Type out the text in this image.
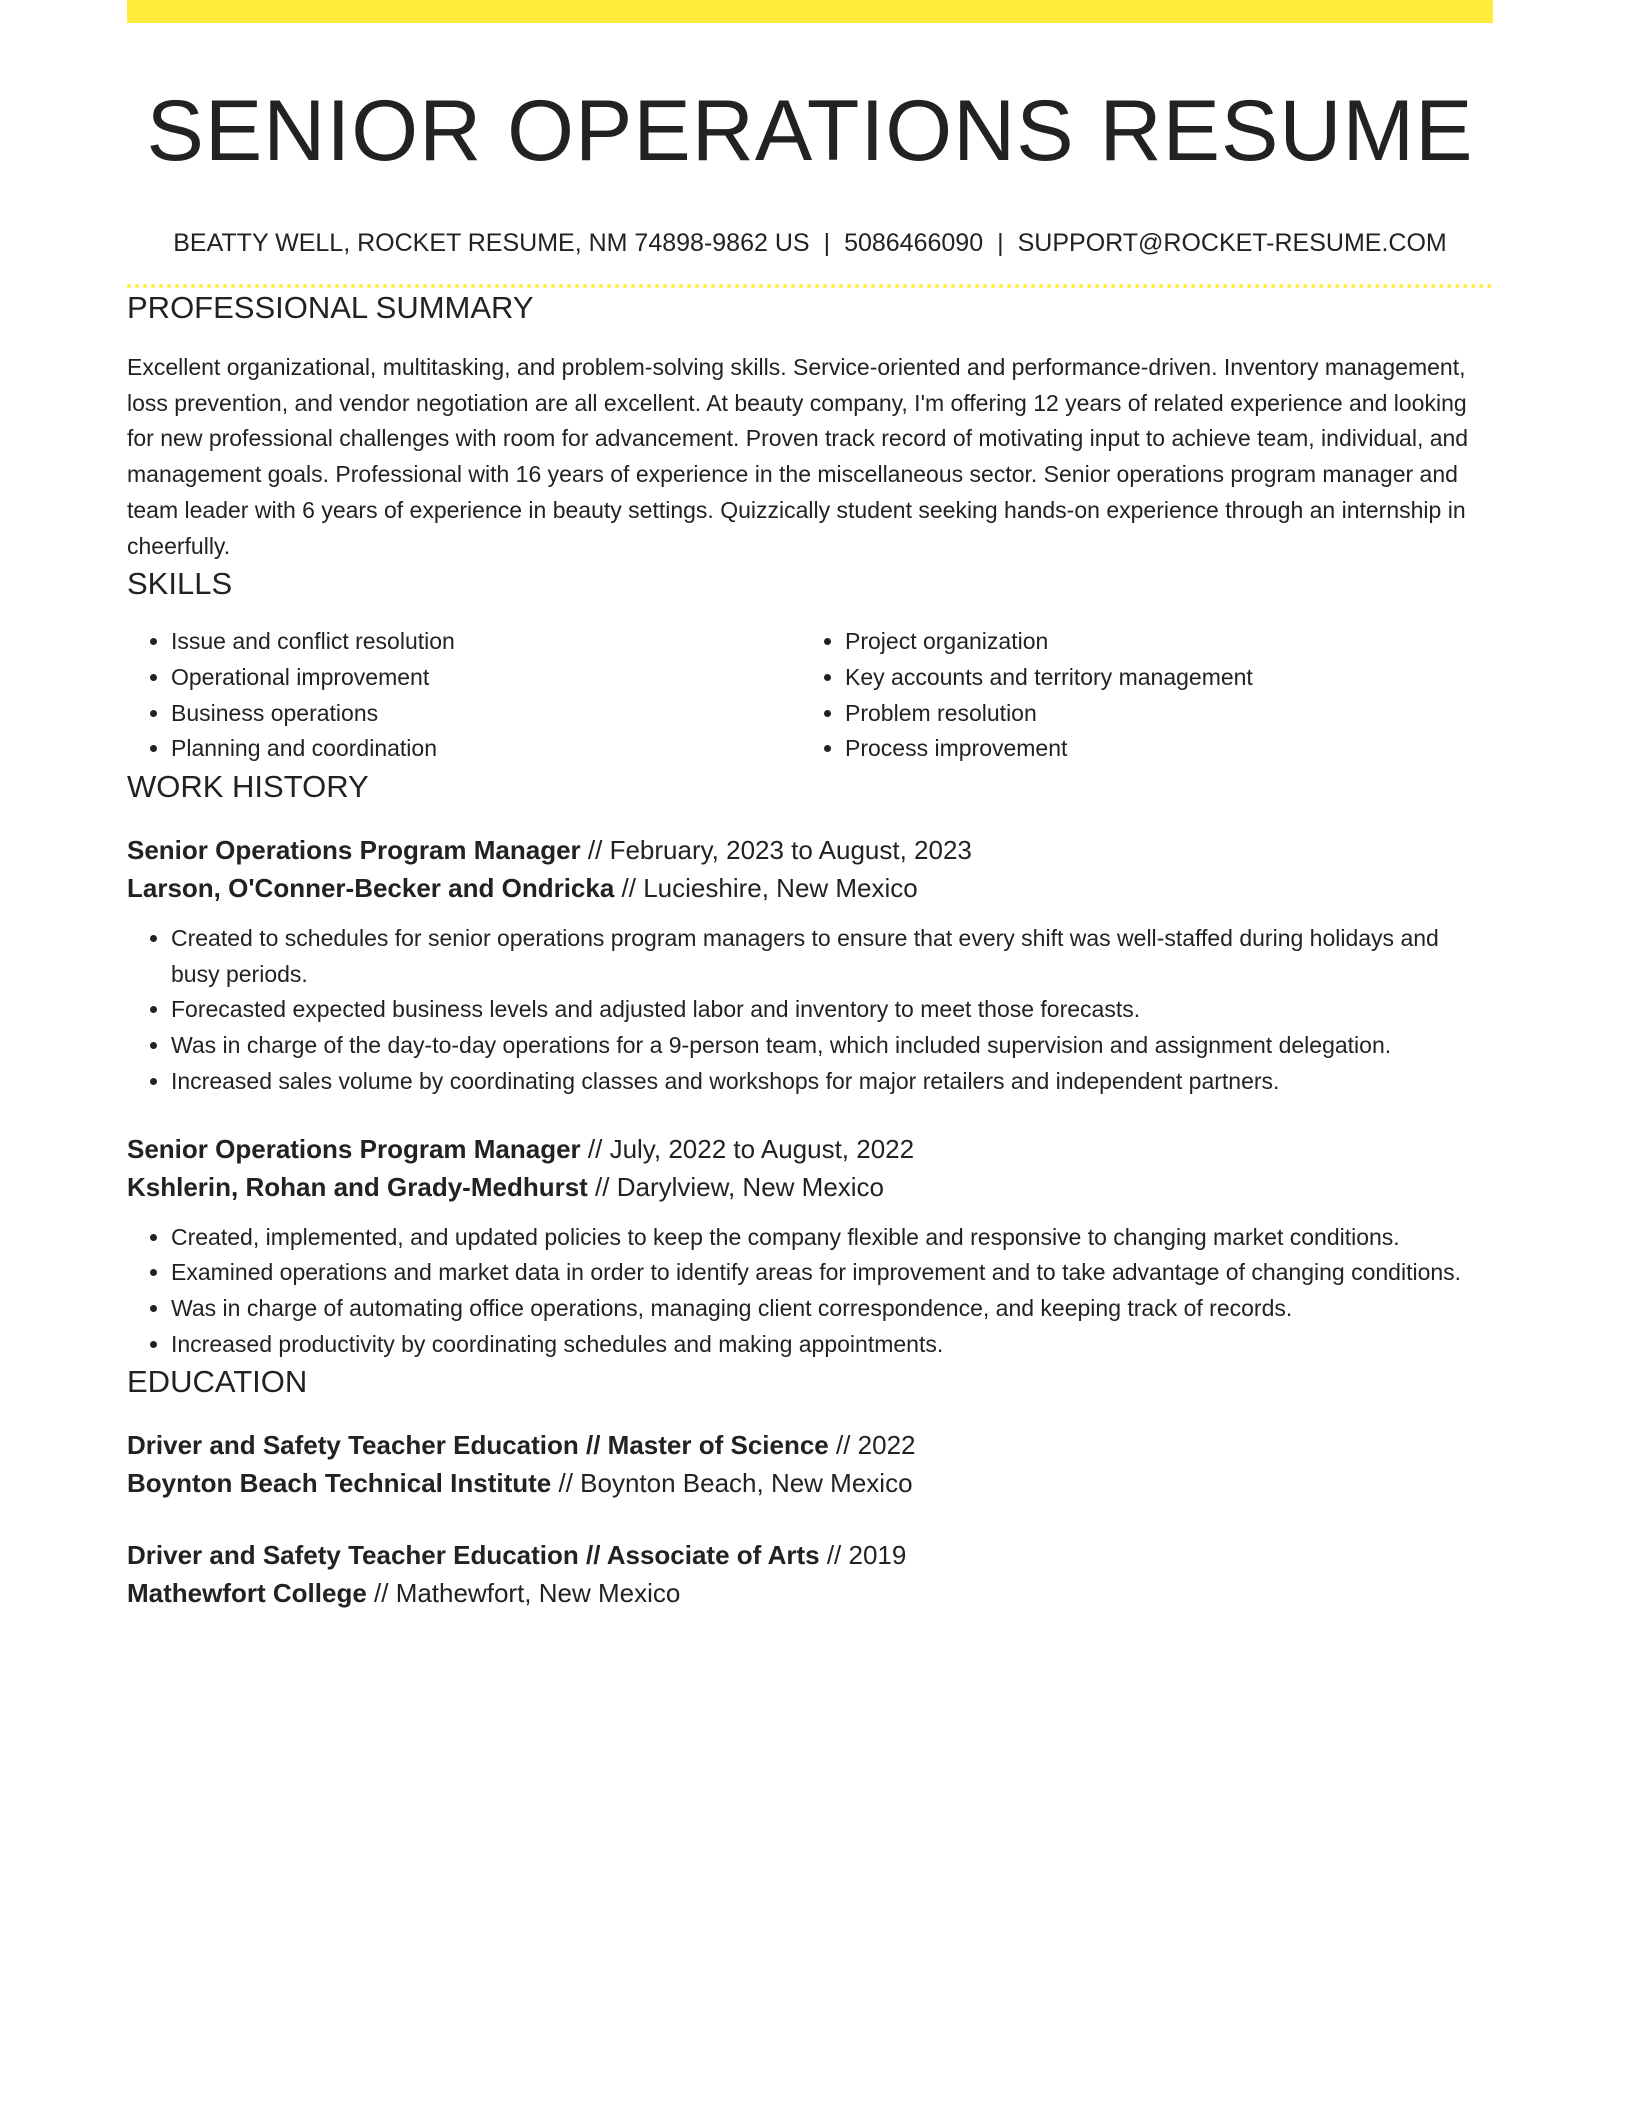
SENIOR OPERATIONS RESUME
BEATTY WELL, ROCKET RESUME, NM 74898-9862 US | 5086466090 | SUPPORT@ROCKET-RESUME.COM
PROFESSIONAL SUMMARY

Excellent organizational, multitasking, and problem-solving skills. Service-oriented and performance-driven. Inventory management, loss prevention, and vendor negotiation are all excellent. At beauty company, I'm offering 12 years of related experience and looking for new professional challenges with room for advancement. Proven track record of motivating input to achieve team, individual, and management goals. Professional with 16 years of experience in the miscellaneous sector. Senior operations program manager and team leader with 6 years of experience in beauty settings. Quizzically student seeking hands-on experience through an internship in cheerfully.

SKILLS
• Issue and conflict resolution
• Operational improvement
• Business operations
• Planning and coordination
• Project organization
• Key accounts and territory management
• Problem resolution
• Process improvement
WORK HISTORY
Senior Operations Program Manager // February, 2023 to August, 2023
Larson, O'Conner-Becker and Ondricka // Lucieshire, New Mexico
• Created to schedules for senior operations program managers to ensure that every shift was well-staffed during holidays and busy periods.
• Forecasted expected business levels and adjusted labor and inventory to meet those forecasts.
• Was in charge of the day-to-day operations for a 9-person team, which included supervision and assignment delegation.
• Increased sales volume by coordinating classes and workshops for major retailers and independent partners.
Senior Operations Program Manager // July, 2022 to August, 2022
Kshlerin, Rohan and Grady-Medhurst // Darylview, New Mexico
• Created, implemented, and updated policies to keep the company flexible and responsive to changing market conditions.
• Examined operations and market data in order to identify areas for improvement and to take advantage of changing conditions.
• Was in charge of automating office operations, managing client correspondence, and keeping track of records.
• Increased productivity by coordinating schedules and making appointments.
EDUCATION
Driver and Safety Teacher Education // Master of Science // 2022
Boynton Beach Technical Institute // Boynton Beach, New Mexico
Driver and Safety Teacher Education // Associate of Arts // 2019
Mathewfort College // Mathewfort, New Mexico
